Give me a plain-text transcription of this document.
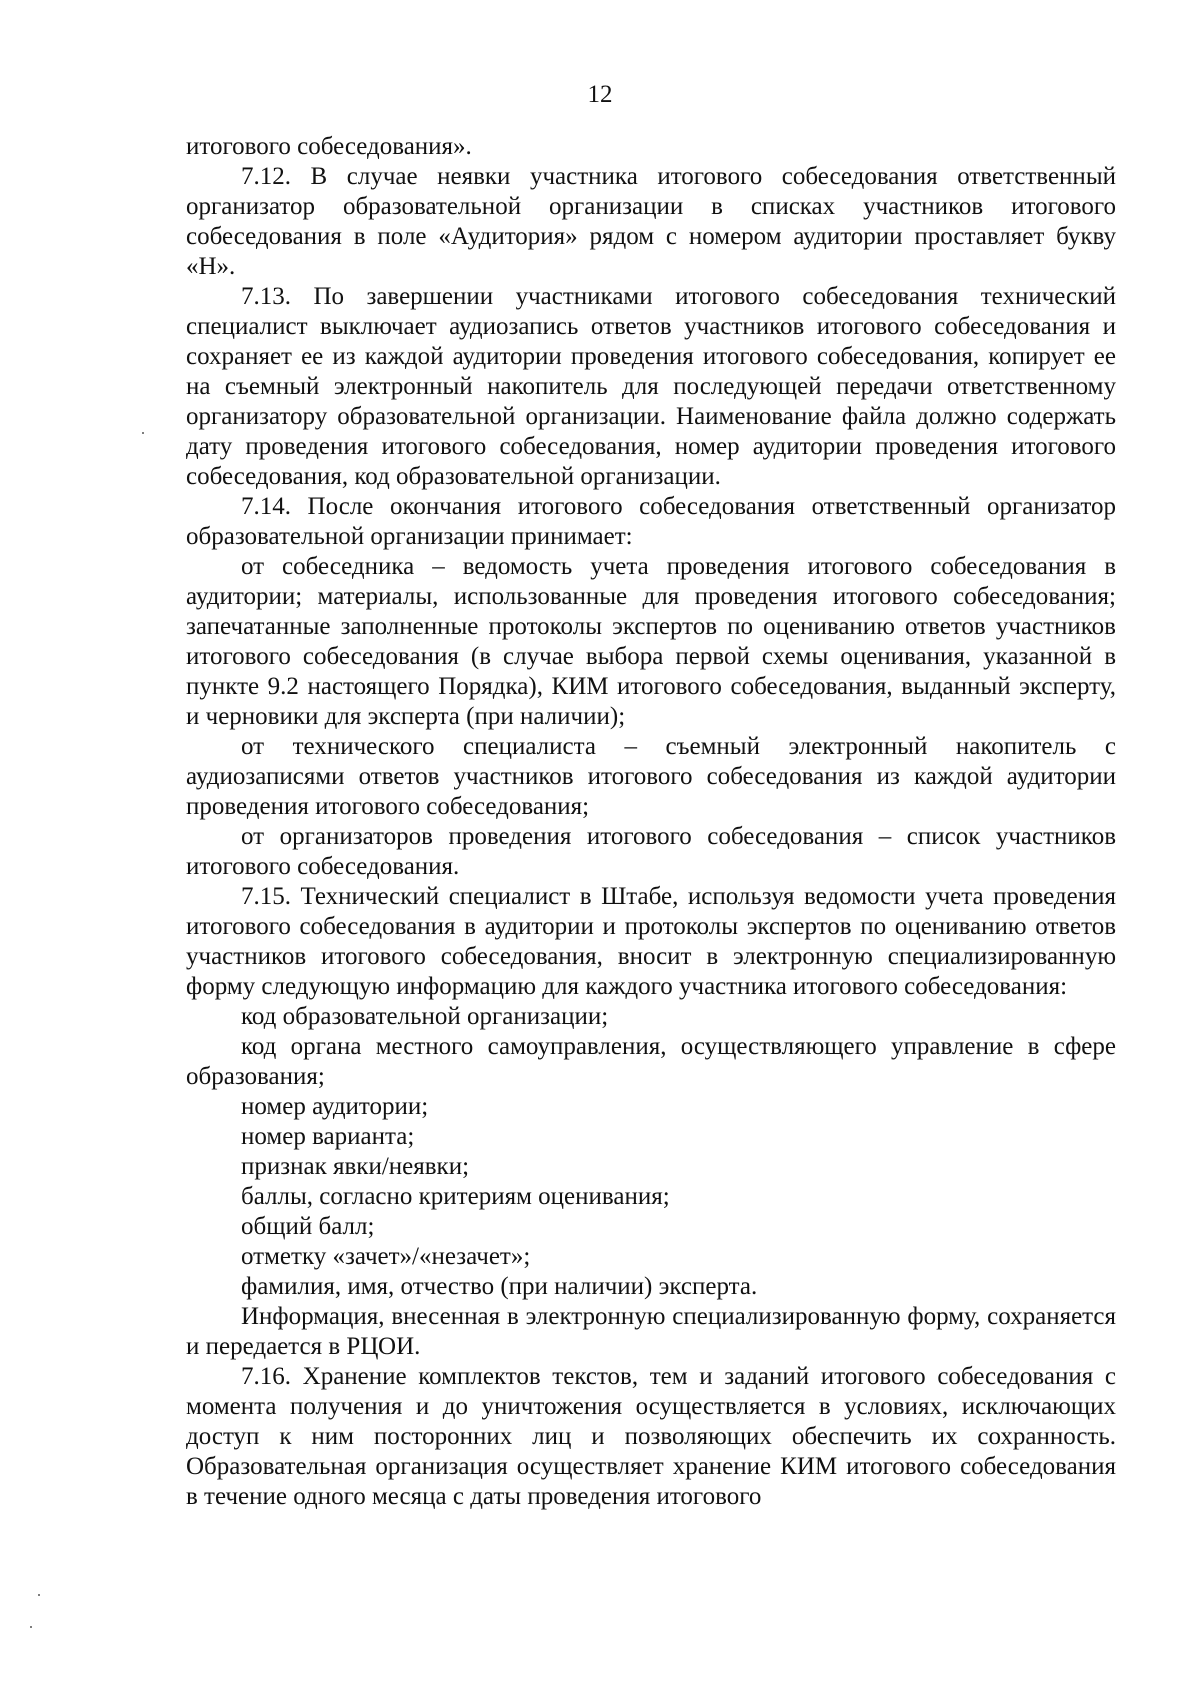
12

итогового собеседования».

7.12. В случае неявки участника итогового собеседования ответственный организатор образовательной организации в списках участников итогового собеседования в поле «Аудитория» рядом с номером аудитории проставляет букву «Н».

7.13. По завершении участниками итогового собеседования технический специалист выключает аудиозапись ответов участников итогового собеседования и сохраняет ее из каждой аудитории проведения итогового собеседования, копирует ее на съемный электронный накопитель для последующей передачи ответственному организатору образовательной организации. Наименование файла должно содержать дату проведения итогового собеседования, номер аудитории проведения итогового собеседования, код образовательной организации.

7.14. После окончания итогового собеседования ответственный организатор образовательной организации принимает:

от собеседника – ведомость учета проведения итогового собеседования в аудитории; материалы, использованные для проведения итогового собеседования; запечатанные заполненные протоколы экспертов по оцениванию ответов участников итогового собеседования (в случае выбора первой схемы оценивания, указанной в пункте 9.2 настоящего Порядка), КИМ итогового собеседования, выданный эксперту, и черновики для эксперта (при наличии);

от технического специалиста – съемный электронный накопитель с аудиозаписями ответов участников итогового собеседования из каждой аудитории проведения итогового собеседования;

от организаторов проведения итогового собеседования – список участников итогового собеседования.

7.15. Технический специалист в Штабе, используя ведомости учета проведения итогового собеседования в аудитории и протоколы экспертов по оцениванию ответов участников итогового собеседования, вносит в электронную специализированную форму следующую информацию для каждого участника итогового собеседования:

код образовательной организации;

код органа местного самоуправления, осуществляющего управление в сфере образования;

номер аудитории;

номер варианта;

признак явки/неявки;

баллы, согласно критериям оценивания;

общий балл;

отметку «зачет»/«незачет»;

фамилия, имя, отчество (при наличии) эксперта.

Информация, внесенная в электронную специализированную форму, сохраняется и передается в РЦОИ.

7.16. Хранение комплектов текстов, тем и заданий итогового собеседования с момента получения и до уничтожения осуществляется в условиях, исключающих доступ к ним посторонних лиц и позволяющих обеспечить их сохранность. Образовательная организация осуществляет хранение КИМ итогового собеседования в течение одного месяца с даты проведения итогового
